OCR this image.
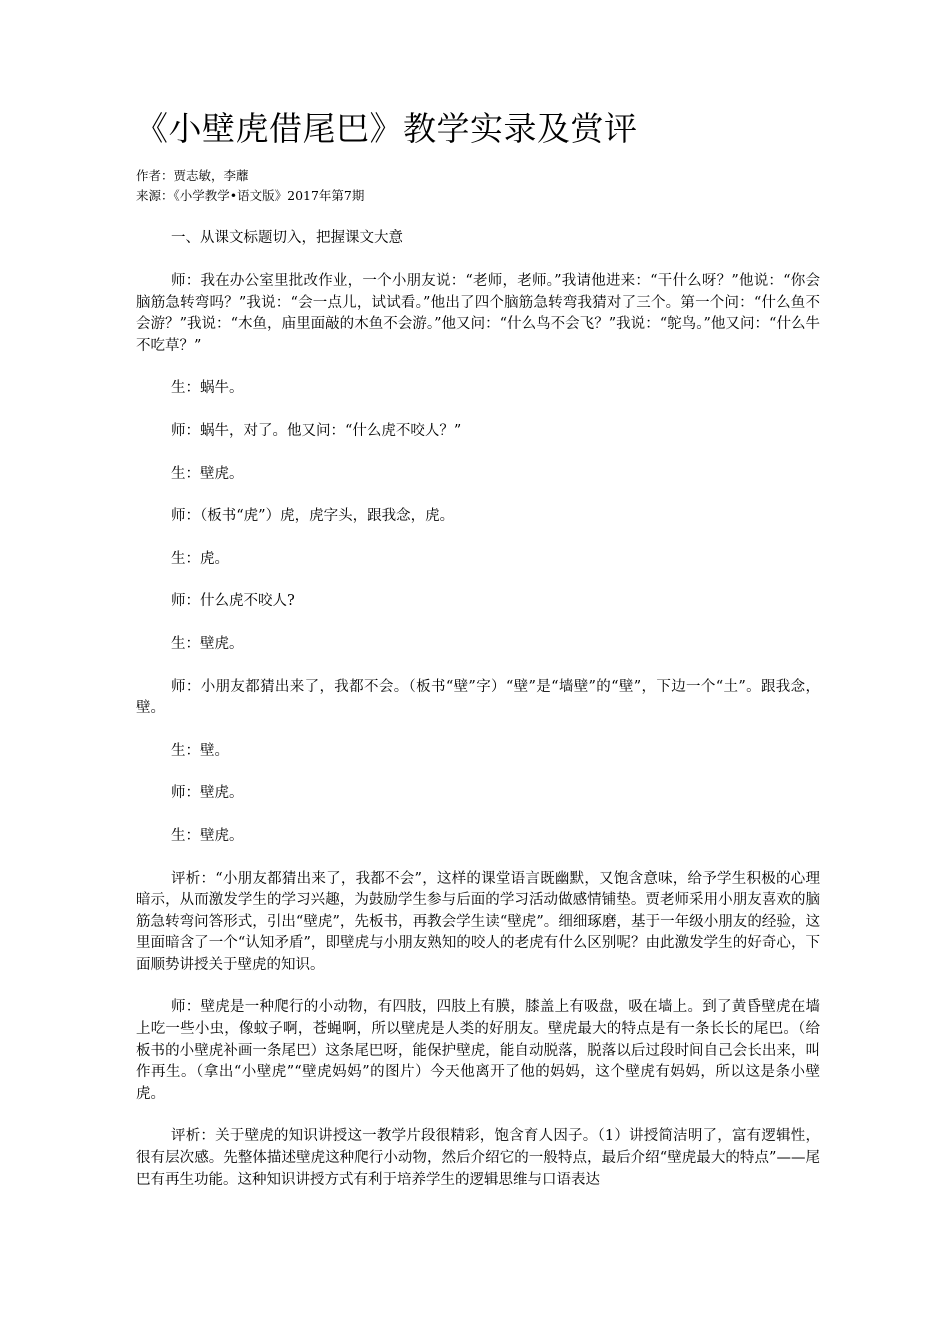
《小壁虎借尾巴》教学实录及赏评
作者：贾志敏，李蘼
来源：《小学教学•语文版》2017年第7期
一、从课文标题切入，把握课文大意

师：我在办公室里批改作业，一个小朋友说：“老师，老师。”我请他进来：“干什么呀？”他说：“你会脑筋急转弯吗？”我说：“会一点儿，试试看。”他出了四个脑筋急转弯我猜对了三个。第一个问：“什么鱼不会游？”我说：“木鱼，庙里面敲的木鱼不会游。”他又问：“什么鸟不会飞？”我说：“鸵鸟。”他又问：“什么牛不吃草？”

生：蜗牛。

师：蜗牛，对了。他又问：“什么虎不咬人？”

生：壁虎。

师：（板书“虎”）虎，虎字头，跟我念，虎。

生：虎。

师：什么虎不咬人?

生：壁虎。

师：小朋友都猜出来了，我都不会。（板书“壁”字）“壁”是“墙壁”的“壁”，下边一个“土”。跟我念，壁。

生：壁。

师：壁虎。

生：壁虎。

评析：“小朋友都猜出来了，我都不会”，这样的课堂语言既幽默，又饱含意味，给予学生积极的心理暗示，从而激发学生的学习兴趣，为鼓励学生参与后面的学习活动做感情铺垫。贾老师采用小朋友喜欢的脑筋急转弯问答形式，引出“壁虎”，先板书，再教会学生读“壁虎”。细细琢磨，基于一年级小朋友的经验，这里面暗含了一个“认知矛盾”，即壁虎与小朋友熟知的咬人的老虎有什么区别呢？由此激发学生的好奇心，下面顺势讲授关于壁虎的知识。

师：壁虎是一种爬行的小动物，有四肢，四肢上有膜，膝盖上有吸盘，吸在墙上。到了黄昏壁虎在墙上吃一些小虫，像蚊子啊，苍蝇啊，所以壁虎是人类的好朋友。壁虎最大的特点是有一条长长的尾巴。（给板书的小壁虎补画一条尾巴）这条尾巴呀，能保护壁虎，能自动脱落，脱落以后过段时间自己会长出来，叫作再生。（拿出“小壁虎”“壁虎妈妈”的图片）今天他离开了他的妈妈，这个壁虎有妈妈，所以这是条小壁虎。

评析：关于壁虎的知识讲授这一教学片段很精彩，饱含育人因子。（1）讲授简洁明了，富有逻辑性，很有层次感。先整体描述壁虎这种爬行小动物，然后介绍它的一般特点，最后介绍“壁虎最大的特点”——尾巴有再生功能。这种知识讲授方式有利于培养学生的逻辑思维与口语表达
